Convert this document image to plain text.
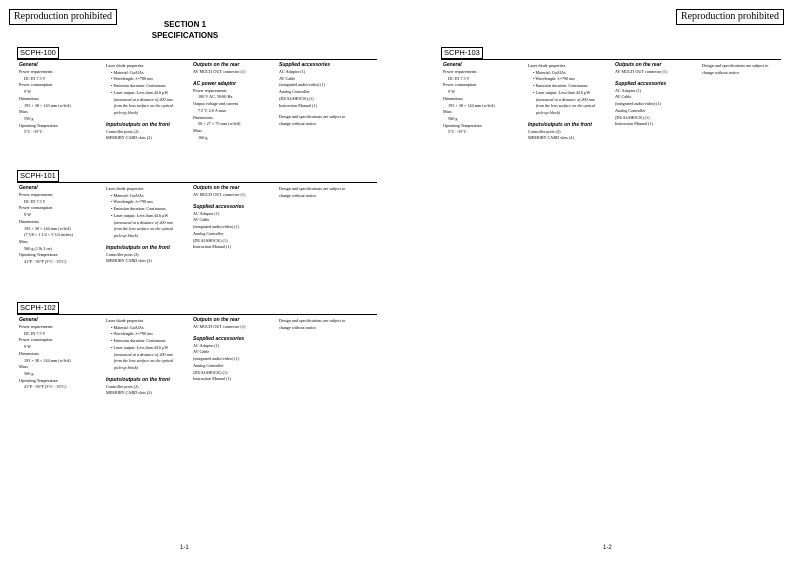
Reproduction prohibited	Reproduction prohibited
SECTION 1
SPECIFICATIONS
SCPH-100
General
Power requirements
DC IN 7.5 V
Power consumption
9 W
Dimensions
193 × 38 × 143 mm (w/h/d)
Mass
550 g
Operating Temperature
5°C - 35°C
Laser diode properties
• Material: GaAlAs
• Wavelength: λ=780 nm
• Emission duration: Continuous
• Laser output: Less than 44.6 μW
(measured at a distance of 200 mm
from the lens surface on the optical
pick-up block)
Inputs/outputs on the front
Controller ports (2)
MEMORY CARD slots (2)
Outputs on the rear
AV MULTI OUT connector (1)
AC power adaptor
Power requirements
100 V AC, 50/60 Hz
Output voltage and current
7.5 V, 2.0 A max.
Dimensions
50 × 27 × 75 mm (w/h/d)
Mass
160 g
Supplied accessories
AC Adaptor (1)
AV Cable
(integrated audio/video) (1)
Analog Controller
(DUALSHOCK) (1)
Instruction Manual (1)
Design and specifications are subject to
change without notice.
SCPH-101
General
Power requirements
DC IN 7.5 V
Power consumption
9 W
Dimensions
193 × 38 × 144 mm (w/h/d)
(7 5/8 × 1 1/2 × 5 3/4 inches)
Mass
560 g (1 lb 3 oz)
Operating Temperature
41°F - 95°F (5°C - 35°C)
Laser diode properties
• Material: GaAlAs
• Wavelength: λ=790 nm
• Emission duration: Continuous
• Laser output: Less than 44.6 μW
(measured at a distance of 200 mm
from the lens surface on the optical
pick-up block)
Inputs/outputs on the front
Controller ports (2)
MEMORY CARD slots (2)
Outputs on the rear
AV MULTI OUT connector (1)
Supplied accessories
AC Adaptor (1)
AV Cable
(integrated audio/video) (1)
Analog Controller
(DUALSHOCK) (1)
Instruction Manual (1)
Design and specifications are subject to
change without notice.
SCPH-102
General
Power requirements
DC IN 7.5 V
Power consumption
9 W
Dimensions
193 × 38 × 144 mm (w/h/d)
Mass
560 g
Operating Temperature
41°F - 95°F (5°C - 35°C)
Laser diode properties
• Material: GaAlAs
• Wavelength: λ=790 nm
• Emission duration: Continuous
• Laser output: Less than 44.6 μW
(measured at a distance of 200 mm
from the lens surface on the optical
pick-up block)
Inputs/outputs on the front
Controller ports (2)
MEMORY CARD slots (2)
Outputs on the rear
AV MULTI OUT connector (1)
Supplied accessories
AC Adaptor (1)
AV Cable
(integrated audio/video) (1)
Analog Controller
(DUALSHOCK) (1)
Instruction Manual (1)
Design and specifications are subject to
change without notice.
SCPH-103
General
Power requirements
DC IN 7.5 V
Power consumption
9 W
Dimensions
193 × 38 × 144 mm (w/h/d)
Mass
560 g
Operating Temperature
5°C - 35°C
Laser diode properties
• Material: GaAlAs
• Wavelength: λ=790 nm
• Emission duration: Continuous
• Laser output: Less than 44.6 μW
(measured at a distance of 200 mm
from the lens surface on the optical
pick-up block)
Inputs/outputs on the front
Controller ports (2)
MEMORY CARD slots (2)
Outputs on the rear
AV MULTI OUT connector (1)
Supplied accessories
AC Adaptor (1)
AV Cable
(integrated audio/video) (1)
Analog Controller
(DUALSHOCK) (1)
Instruction Manual (1)
Design and specifications are subject to
change without notice.
1-1	1-2
